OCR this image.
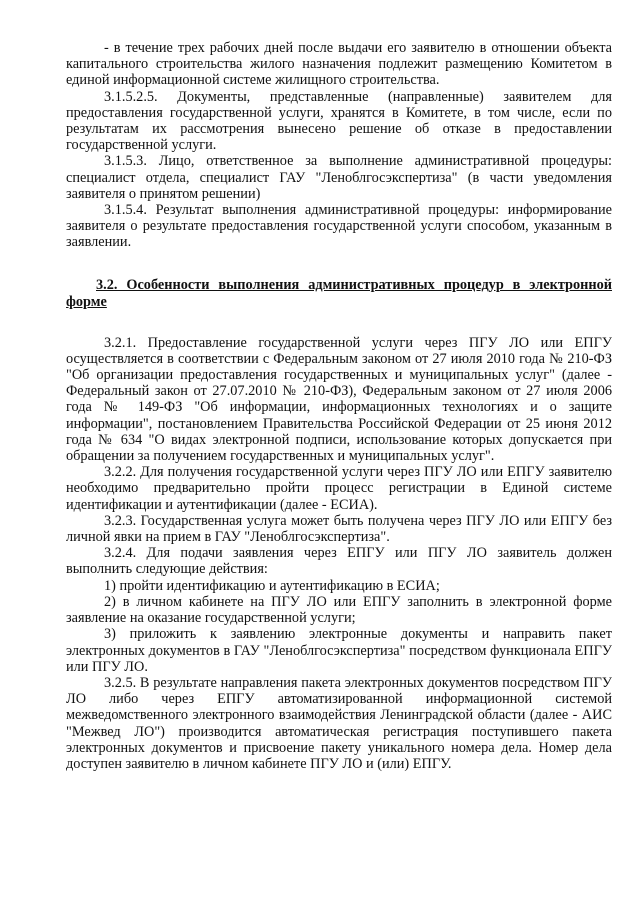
- в течение трех рабочих дней после выдачи его заявителю в отношении объекта капитального строительства жилого назначения подлежит размещению Комитетом в единой информационной системе жилищного строительства.

3.1.5.2.5. Документы, представленные (направленные) заявителем для предоставления государственной услуги, хранятся в Комитете, в том числе, если по результатам их рассмотрения вынесено решение об отказе в предоставлении государственной услуги.

3.1.5.3. Лицо, ответственное за выполнение административной процедуры: специалист отдела, специалист ГАУ "Леноблгосэкспертиза" (в части уведомления заявителя о принятом решении)

3.1.5.4. Результат выполнения административной процедуры: информирование заявителя о результате предоставления государственной услуги способом, указанным в заявлении.

3.2. Особенности выполнения административных процедур в электронной форме

3.2.1. Предоставление государственной услуги через ПГУ ЛО или ЕПГУ осуществляется в соответствии с Федеральным законом от 27 июля 2010 года № 210-ФЗ "Об организации предоставления государственных и муниципальных услуг" (далее - Федеральный закон от 27.07.2010 № 210-ФЗ), Федеральным законом от 27 июля 2006 года № 149-ФЗ "Об информации, информационных технологиях и о защите информации", постановлением Правительства Российской Федерации от 25 июня 2012 года № 634 "О видах электронной подписи, использование которых допускается при обращении за получением государственных и муниципальных услуг".

3.2.2. Для получения государственной услуги через ПГУ ЛО или ЕПГУ заявителю необходимо предварительно пройти процесс регистрации в Единой системе идентификации и аутентификации (далее - ЕСИА).

3.2.3. Государственная услуга может быть получена через ПГУ ЛО или ЕПГУ без личной явки на прием в ГАУ "Леноблгосэкспертиза".

3.2.4. Для подачи заявления через ЕПГУ или ПГУ ЛО заявитель должен выполнить следующие действия:

1) пройти идентификацию и аутентификацию в ЕСИА;

2) в личном кабинете на ПГУ ЛО или ЕПГУ заполнить в электронной форме заявление на оказание государственной услуги;

3) приложить к заявлению электронные документы и направить пакет электронных документов в ГАУ "Леноблгосэкспертиза" посредством функционала ЕПГУ или ПГУ ЛО.

3.2.5. В результате направления пакета электронных документов посредством ПГУ ЛО либо через ЕПГУ автоматизированной информационной системой межведомственного электронного взаимодействия Ленинградской области (далее - АИС "Межвед ЛО") производится автоматическая регистрация поступившего пакета электронных документов и присвоение пакету уникального номера дела. Номер дела доступен заявителю в личном кабинете ПГУ ЛО и (или) ЕПГУ.
